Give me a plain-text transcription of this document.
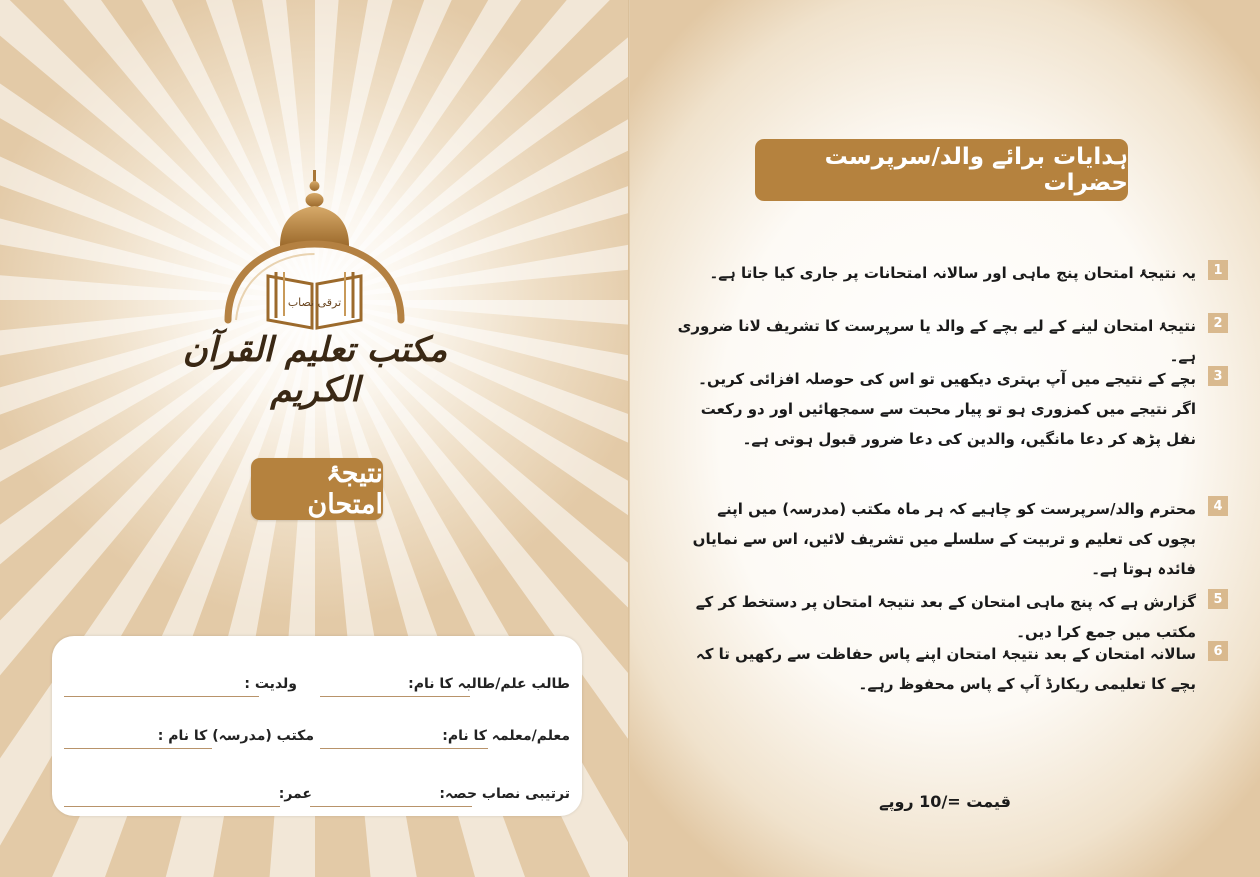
ترقی نصاب
مکتب تعلیم القرآن الکریم
نتیجۂ امتحان
طالب علم/طالبہ کا نام:
ولدیت :
معلم/معلمہ کا نام:
مکتب (مدرسہ) کا نام :
ترتیبی نصاب حصہ:
عمر:
ہدایات برائے والد/سرپرست حضرات
1
یہ نتیجۂ امتحان پنج ماہی اور سالانہ امتحانات پر جاری کیا جاتا ہے۔
2
نتیجۂ امتحان لینے کے لیے بچے کے والد یا سرپرست کا تشریف لانا ضروری ہے۔
3
بچے کے نتیجے میں آپ بہتری دیکھیں تو اس کی حوصلہ افزائی کریں۔ اگر نتیجے میں کمزوری ہو تو پیار محبت سے سمجھائیں اور دو رکعت نفل پڑھ کر دعا مانگیں، والدین کی دعا ضرور قبول ہوتی ہے۔
4
محترم والد/سرپرست کو چاہیے کہ ہر ماہ مکتب (مدرسہ) میں اپنے بچوں کی تعلیم و تربیت کے سلسلے میں تشریف لائیں، اس سے نمایاں فائدہ ہوتا ہے۔
5
گزارش ہے کہ پنج ماہی امتحان کے بعد نتیجۂ امتحان پر دستخط کر کے مکتب میں جمع کرا دیں۔
6
سالانہ امتحان کے بعد نتیجۂ امتحان اپنے پاس حفاظت سے رکھیں تا کہ بچے کا تعلیمی ریکارڈ آپ کے پاس محفوظ رہے۔
قیمت =/10 روپے
